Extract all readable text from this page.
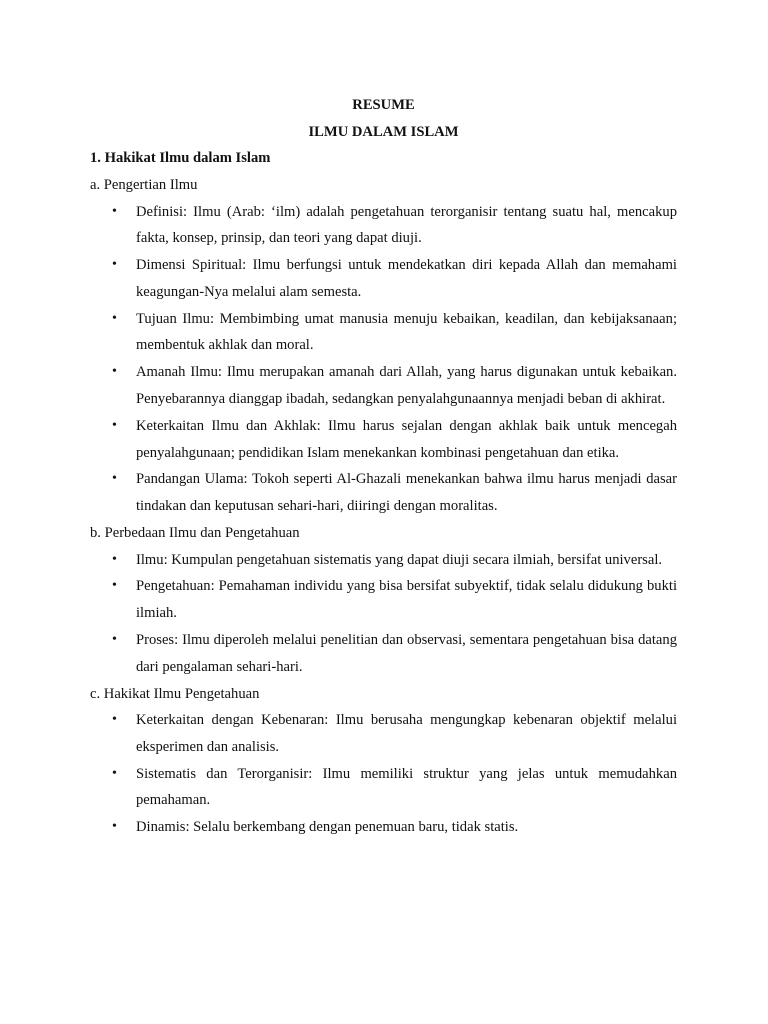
RESUME
ILMU DALAM ISLAM
1. Hakikat Ilmu dalam Islam
a. Pengertian Ilmu
• Definisi: Ilmu (Arab: ‘ilm) adalah pengetahuan terorganisir tentang suatu hal, mencakup fakta, konsep, prinsip, dan teori yang dapat diuji.
• Dimensi Spiritual: Ilmu berfungsi untuk mendekatkan diri kepada Allah dan memahami keagungan-Nya melalui alam semesta.
• Tujuan Ilmu: Membimbing umat manusia menuju kebaikan, keadilan, dan kebijaksanaan; membentuk akhlak dan moral.
• Amanah Ilmu: Ilmu merupakan amanah dari Allah, yang harus digunakan untuk kebaikan. Penyebarannya dianggap ibadah, sedangkan penyalahgunaannya menjadi beban di akhirat.
• Keterkaitan Ilmu dan Akhlak: Ilmu harus sejalan dengan akhlak baik untuk mencegah penyalahgunaan; pendidikan Islam menekankan kombinasi pengetahuan dan etika.
• Pandangan Ulama: Tokoh seperti Al-Ghazali menekankan bahwa ilmu harus menjadi dasar tindakan dan keputusan sehari-hari, diiringi dengan moralitas.
b. Perbedaan Ilmu dan Pengetahuan
• Ilmu: Kumpulan pengetahuan sistematis yang dapat diuji secara ilmiah, bersifat universal.
• Pengetahuan: Pemahaman individu yang bisa bersifat subyektif, tidak selalu didukung bukti ilmiah.
• Proses: Ilmu diperoleh melalui penelitian dan observasi, sementara pengetahuan bisa datang dari pengalaman sehari-hari.
c. Hakikat Ilmu Pengetahuan
• Keterkaitan dengan Kebenaran: Ilmu berusaha mengungkap kebenaran objektif melalui eksperimen dan analisis.
• Sistematis dan Terorganisir: Ilmu memiliki struktur yang jelas untuk memudahkan pemahaman.
• Dinamis: Selalu berkembang dengan penemuan baru, tidak statis.
